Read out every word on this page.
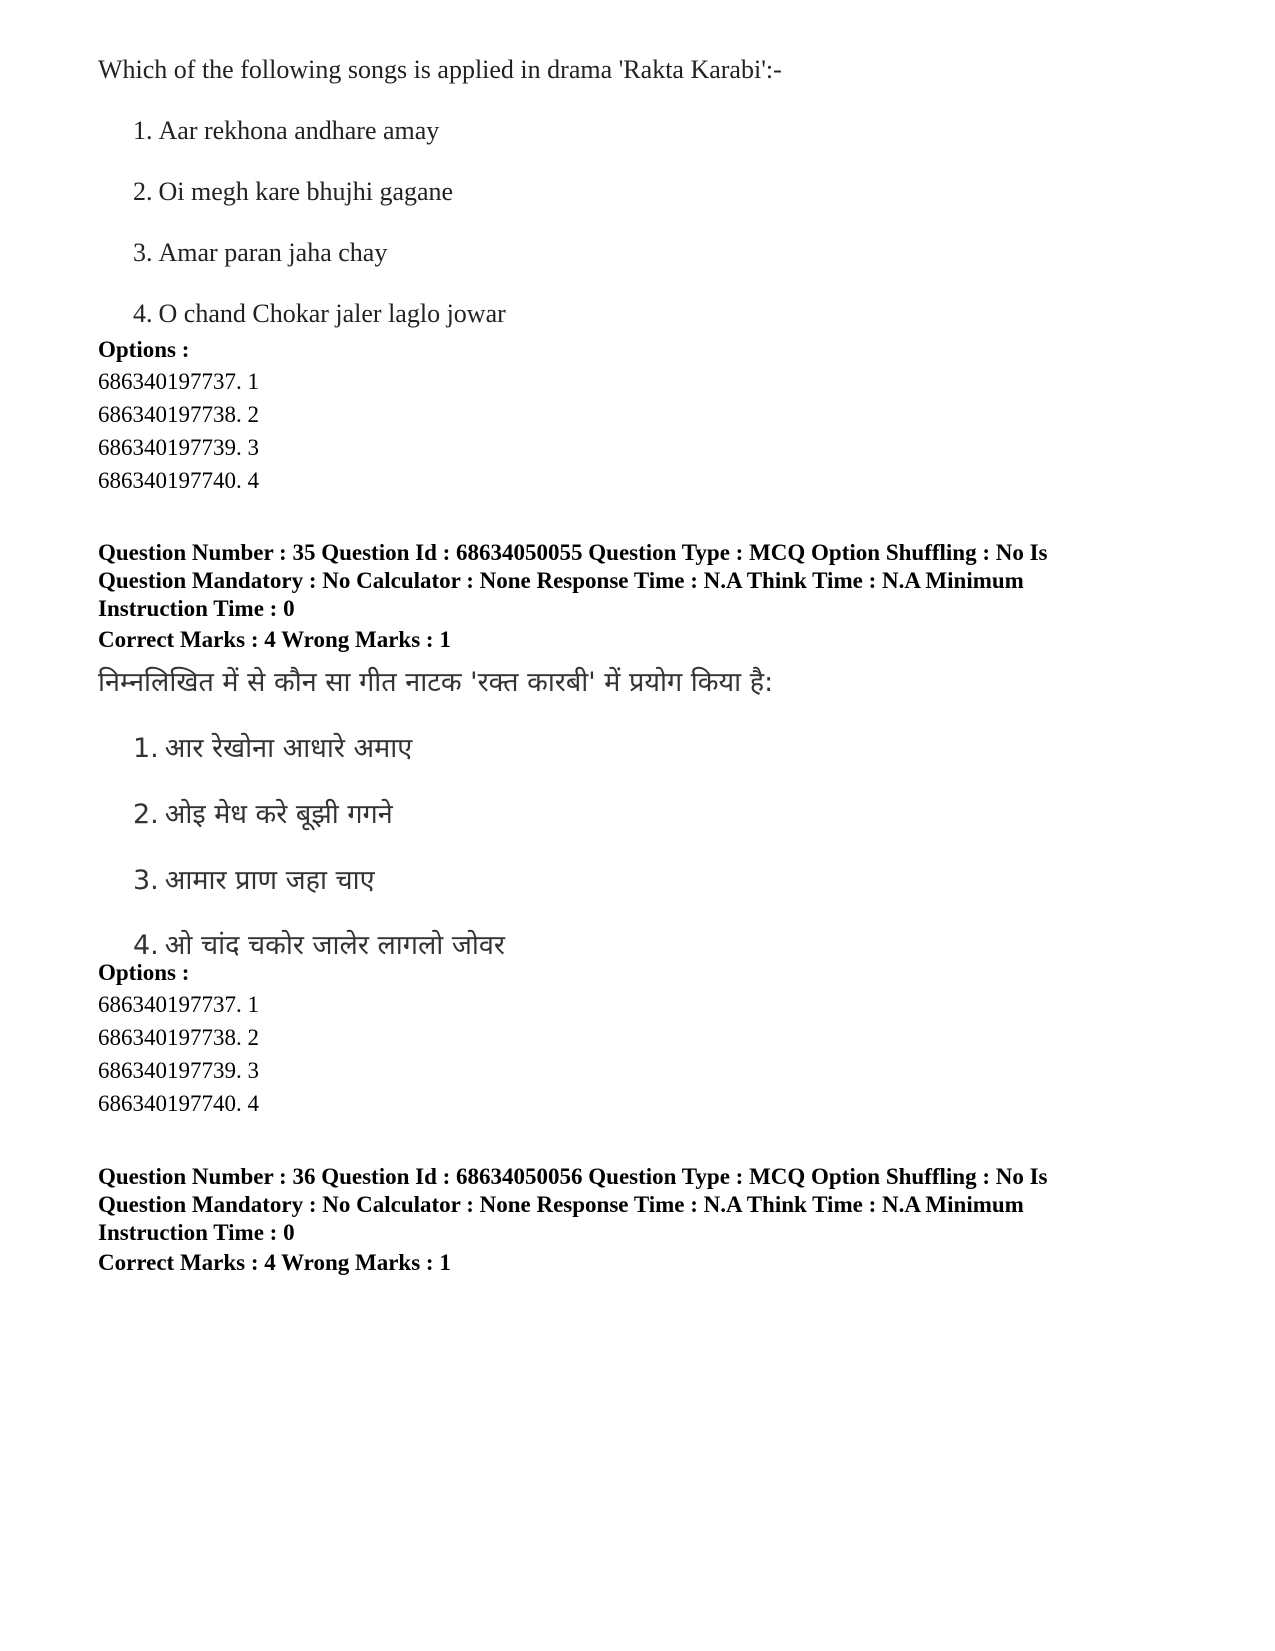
Which of the following songs is applied in drama 'Rakta Karabi':-
1. Aar rekhona andhare amay
2. Oi megh kare bhujhi gagane
3. Amar paran jaha chay
4. O chand Chokar jaler laglo jowar
Options :
686340197737. 1
686340197738. 2
686340197739. 3
686340197740. 4
Question Number : 35 Question Id : 68634050055 Question Type : MCQ Option Shuffling : No Is
Question Mandatory : No Calculator : None Response Time : N.A Think Time : N.A Minimum
Instruction Time : 0
Correct Marks : 4 Wrong Marks : 1
निम्नलिखित में से कौन सा गीत नाटक 'रक्त कारबी' में प्रयोग किया है:
1. आर रेखोना आधारे अमाए
2. ओइ मेध करे बूझी गगने
3. आमार प्राण जहा चाए
4. ओ चांद चकोर जालेर लागलो जोवर
Options :
686340197737. 1
686340197738. 2
686340197739. 3
686340197740. 4
Question Number : 36 Question Id : 68634050056 Question Type : MCQ Option Shuffling : No Is
Question Mandatory : No Calculator : None Response Time : N.A Think Time : N.A Minimum
Instruction Time : 0
Correct Marks : 4 Wrong Marks : 1
